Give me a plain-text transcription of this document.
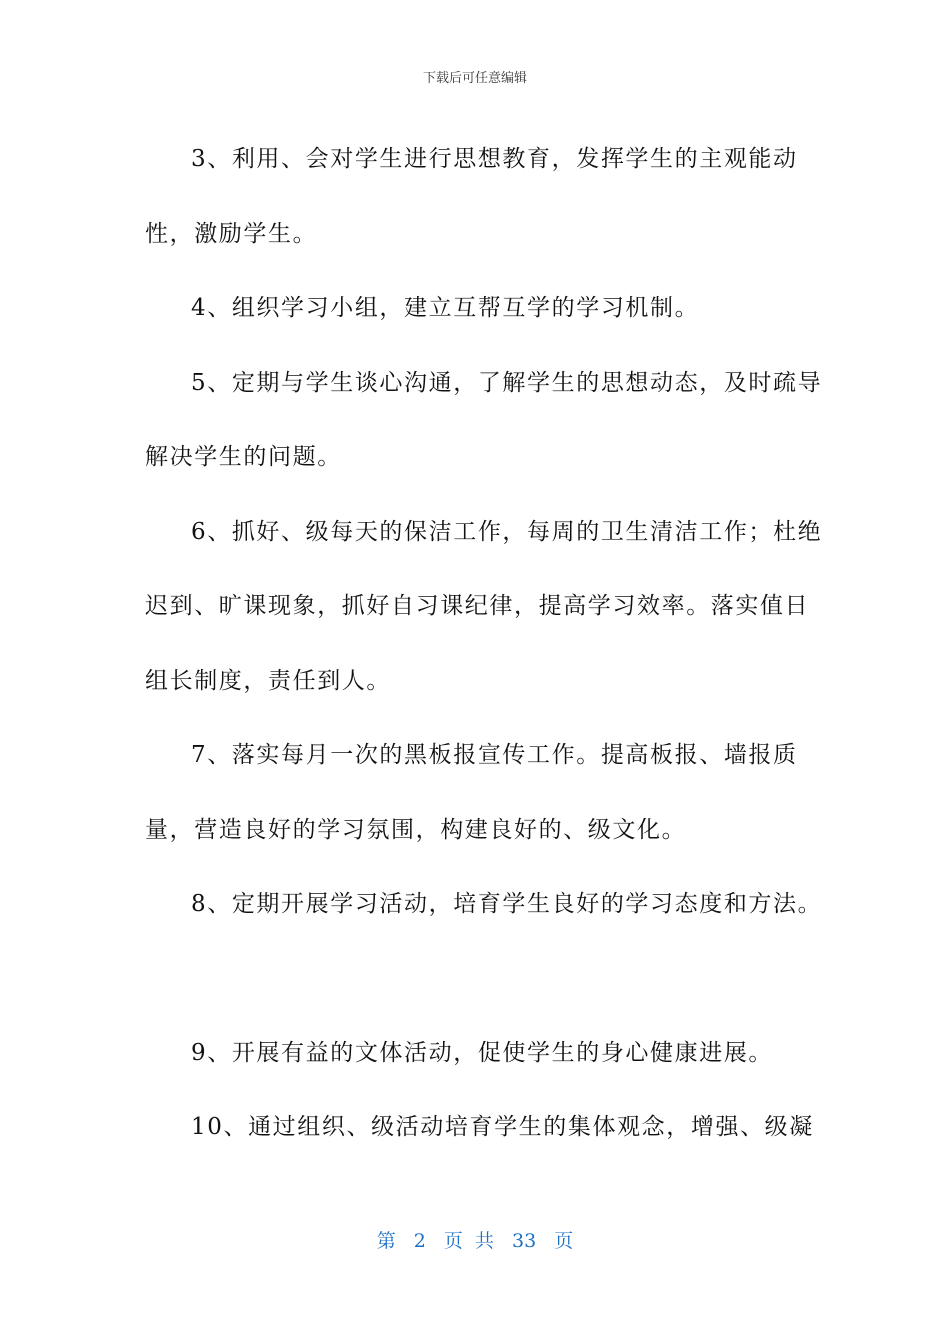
下载后可任意编辑

3、利用、会对学生进行思想教育，发挥学生的主观能动性，激励学生。

4、组织学习小组，建立互帮互学的学习机制。

5、定期与学生谈心沟通，了解学生的思想动态，及时疏导解决学生的问题。

6、抓好、级每天的保洁工作，每周的卫生清洁工作；杜绝迟到、旷课现象，抓好自习课纪律，提高学习效率。落实值日组长制度，责任到人。

7、落实每月一次的黑板报宣传工作。提高板报、墙报质量，营造良好的学习氛围，构建良好的、级文化。

8、定期开展学习活动，培育学生良好的学习态度和方法。

9、开展有益的文体活动，促使学生的身心健康进展。

10、通过组织、级活动培育学生的集体观念，增强、级凝

第 2 页 共 33 页
